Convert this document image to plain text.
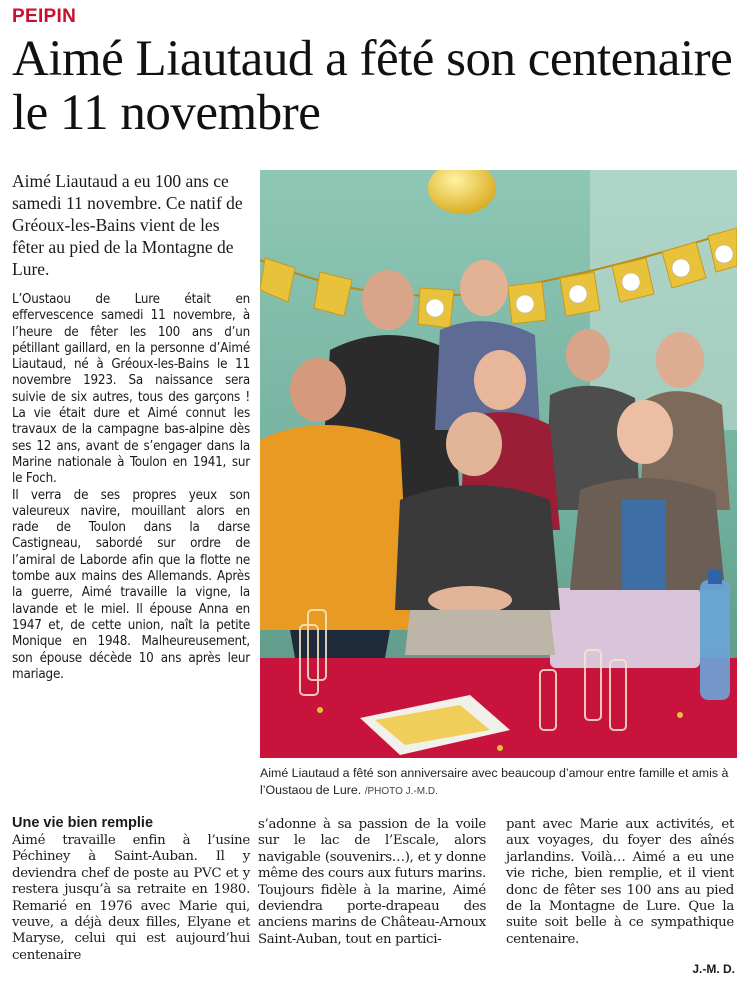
PEIPIN
Aimé Liautaud a fêté son centenaire le 11 novembre

Aimé Liautaud a eu 100 ans ce samedi 11 novembre. Ce natif de Gréoux-les-Bains vient de les fêter au pied de la Montagne de Lure.

L’Oustaou de Lure était en effervescence samedi 11 novembre, à l’heure de fêter les 100 ans d’un pétillant gaillard, en la personne d’Aimé Liautaud, né à Gréoux-les-Bains le 11 novembre 1923. Sa naissance sera suivie de six autres, tous des garçons ! La vie était dure et Aimé connut les travaux de la campagne bas-alpine dès ses 12 ans, avant de s’engager dans la Marine nationale à Toulon en 1941, sur le Foch.

Il verra de ses propres yeux son valeureux navire, mouillant alors en rade de Toulon dans la darse Castigneau, sabordé sur ordre de l’amiral de Laborde afin que la flotte ne tombe aux mains des Allemands. Après la guerre, Aimé travaille la vigne, la lavande et le miel. Il épouse Anna en 1947 et, de cette union, naît la petite Monique en 1948. Malheureusement, son épouse décède 10 ans après leur mariage.

Aimé Liautaud a fêté son anniversaire avec beaucoup d’amour entre famille et amis à l’Oustaou de Lure. /PHOTO J.-M.D.
Une vie bien remplie

Aimé travaille enfin à l’usine Péchiney à Saint-Auban. Il y deviendra chef de poste au PVC et y restera jusqu’à sa retraite en 1980. Remarié en 1976 avec Marie qui, veuve, a déjà deux filles, Elyane et Maryse, celui qui est aujourd’hui centenaire

s’adonne à sa passion de la voile sur le lac de l’Escale, alors navigable (souvenirs…), et y donne même des cours aux futurs marins. Toujours fidèle à la marine, Aimé deviendra porte-drapeau des anciens marins de Château-Arnoux Saint-Auban, tout en partici-

pant avec Marie aux activités, et aux voyages, du foyer des aînés jarlandins. Voilà… Aimé a eu une vie riche, bien remplie, et il vient donc de fêter ses 100 ans au pied de la Montagne de Lure. Que la suite soit belle à ce sympathique centenaire.

J.-M. D.
